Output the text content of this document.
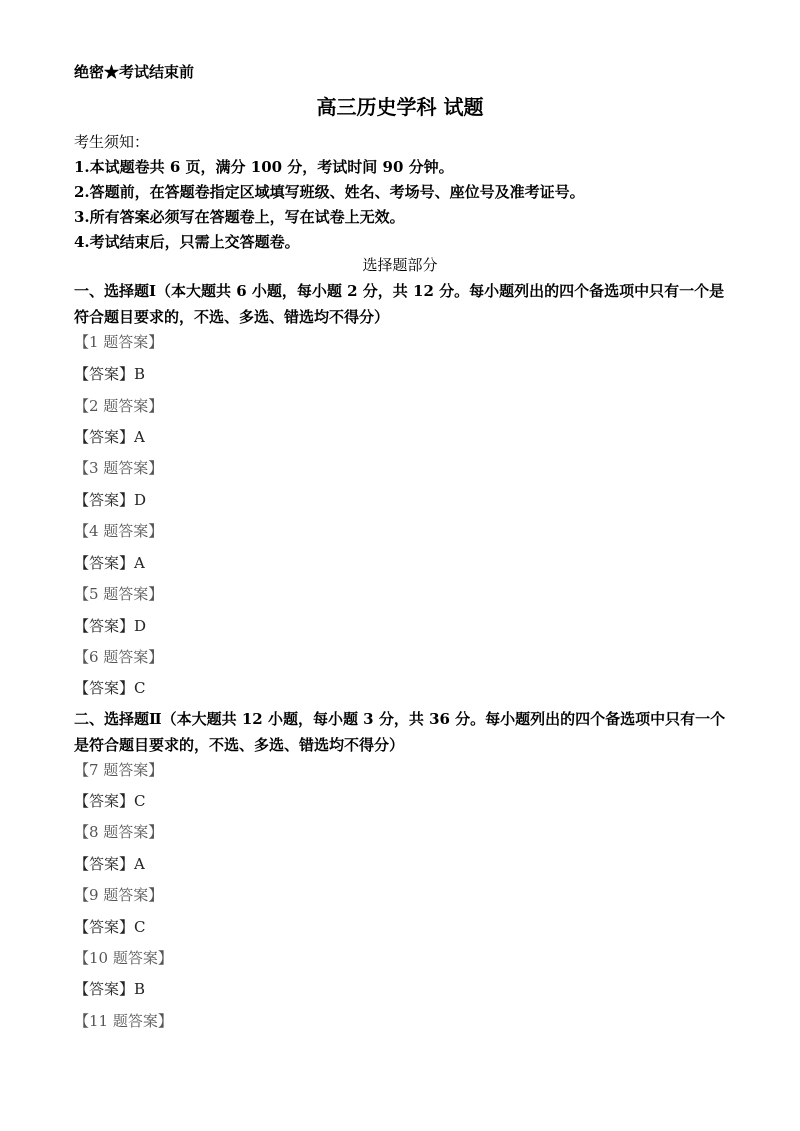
绝密★考试结束前
高三历史学科 试题
考生须知：
1.本试题卷共 6 页，满分 100 分，考试时间 90 分钟。
2.答题前，在答题卷指定区域填写班级、姓名、考场号、座位号及准考证号。
3.所有答案必须写在答题卷上，写在试卷上无效。
4.考试结束后，只需上交答题卷。
选择题部分
一、选择题Ⅰ（本大题共 6 小题，每小题 2 分，共 12 分。每小题列出的四个备选项中只有一个是符合题目要求的，不选、多选、错选均不得分）
【1 题答案】
【答案】B
【2 题答案】
【答案】A
【3 题答案】
【答案】D
【4 题答案】
【答案】A
【5 题答案】
【答案】D
【6 题答案】
【答案】C
二、选择题Ⅱ（本大题共 12 小题，每小题 3 分，共 36 分。每小题列出的四个备选项中只有一个是符合题目要求的，不选、多选、错选均不得分）
【7 题答案】
【答案】C
【8 题答案】
【答案】A
【9 题答案】
【答案】C
【10 题答案】
【答案】B
【11 题答案】
